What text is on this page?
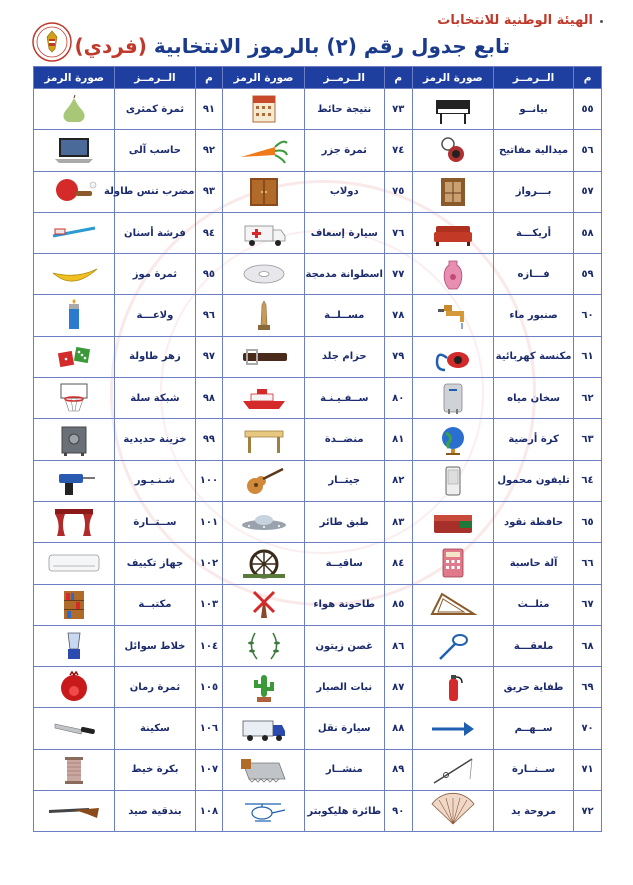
الهيئة الوطنية للانتخابات
تابع جدول رقم (٢) بالرموز الانتخابية (فردي)
م	الــرمــز	صورة الرمز	م	الــرمــز	صورة الرمز	م	الــرمــز	صورة الرمز
٥٥	بيانــو		٧٣	نتيجة حائط		٩١	ثمرة كمثرى	

٥٦	ميدالية مفاتيح		٧٤	ثمرة جزر		٩٢	حاسب آلى	

٥٧	بـــرواز		٧٥	دولاب		٩٣	مضرب تنس طاولة	

٥٨	أريكـــة		٧٦	سيارة إسعاف		٩٤	فرشة أسنان	

٥٩	فـــازه		٧٧	اسطوانة مدمجة		٩٥	ثمرة موز	

٦٠	صنبور ماء		٧٨	مســلــة		٩٦	ولاعـــة	

٦١	مكنسة كهربائية		٧٩	حزام جلد		٩٧	زهر طاولة	

٦٢	سخان مياه		٨٠	ســفـيـنـة		٩٨	شبكة سلة	

٦٣	كرة أرضية		٨١	منضــدة		٩٩	خزينة حديدية	

٦٤	تليفون محمول		٨٢	جيتــار		١٠٠	شـنـيـور	

٦٥	حافظة نقود		٨٣	طبق طائر		١٠١	ســتــارة	

٦٦	آلة حاسبة		٨٤	ساقيــة		١٠٢	جهاز تكييف	

٦٧	مثلــث		٨٥	طاحونة هواء		١٠٣	مكتبــة	

٦٨	ملعقـــة		٨٦	غصن زيتون		١٠٤	خلاط سوائل	

٦٩	طفاية حريق		٨٧	نبات الصبار		١٠٥	ثمرة رمان	

٧٠	ســهــم		٨٨	سيارة نقل		١٠٦	سكينة	

٧١	ســنــارة		٨٩	منشــار		١٠٧	بكرة خيط	

٧٢	مروحة يد		٩٠	طائرة هليكوبتر		١٠٨	بندقية صيد	
